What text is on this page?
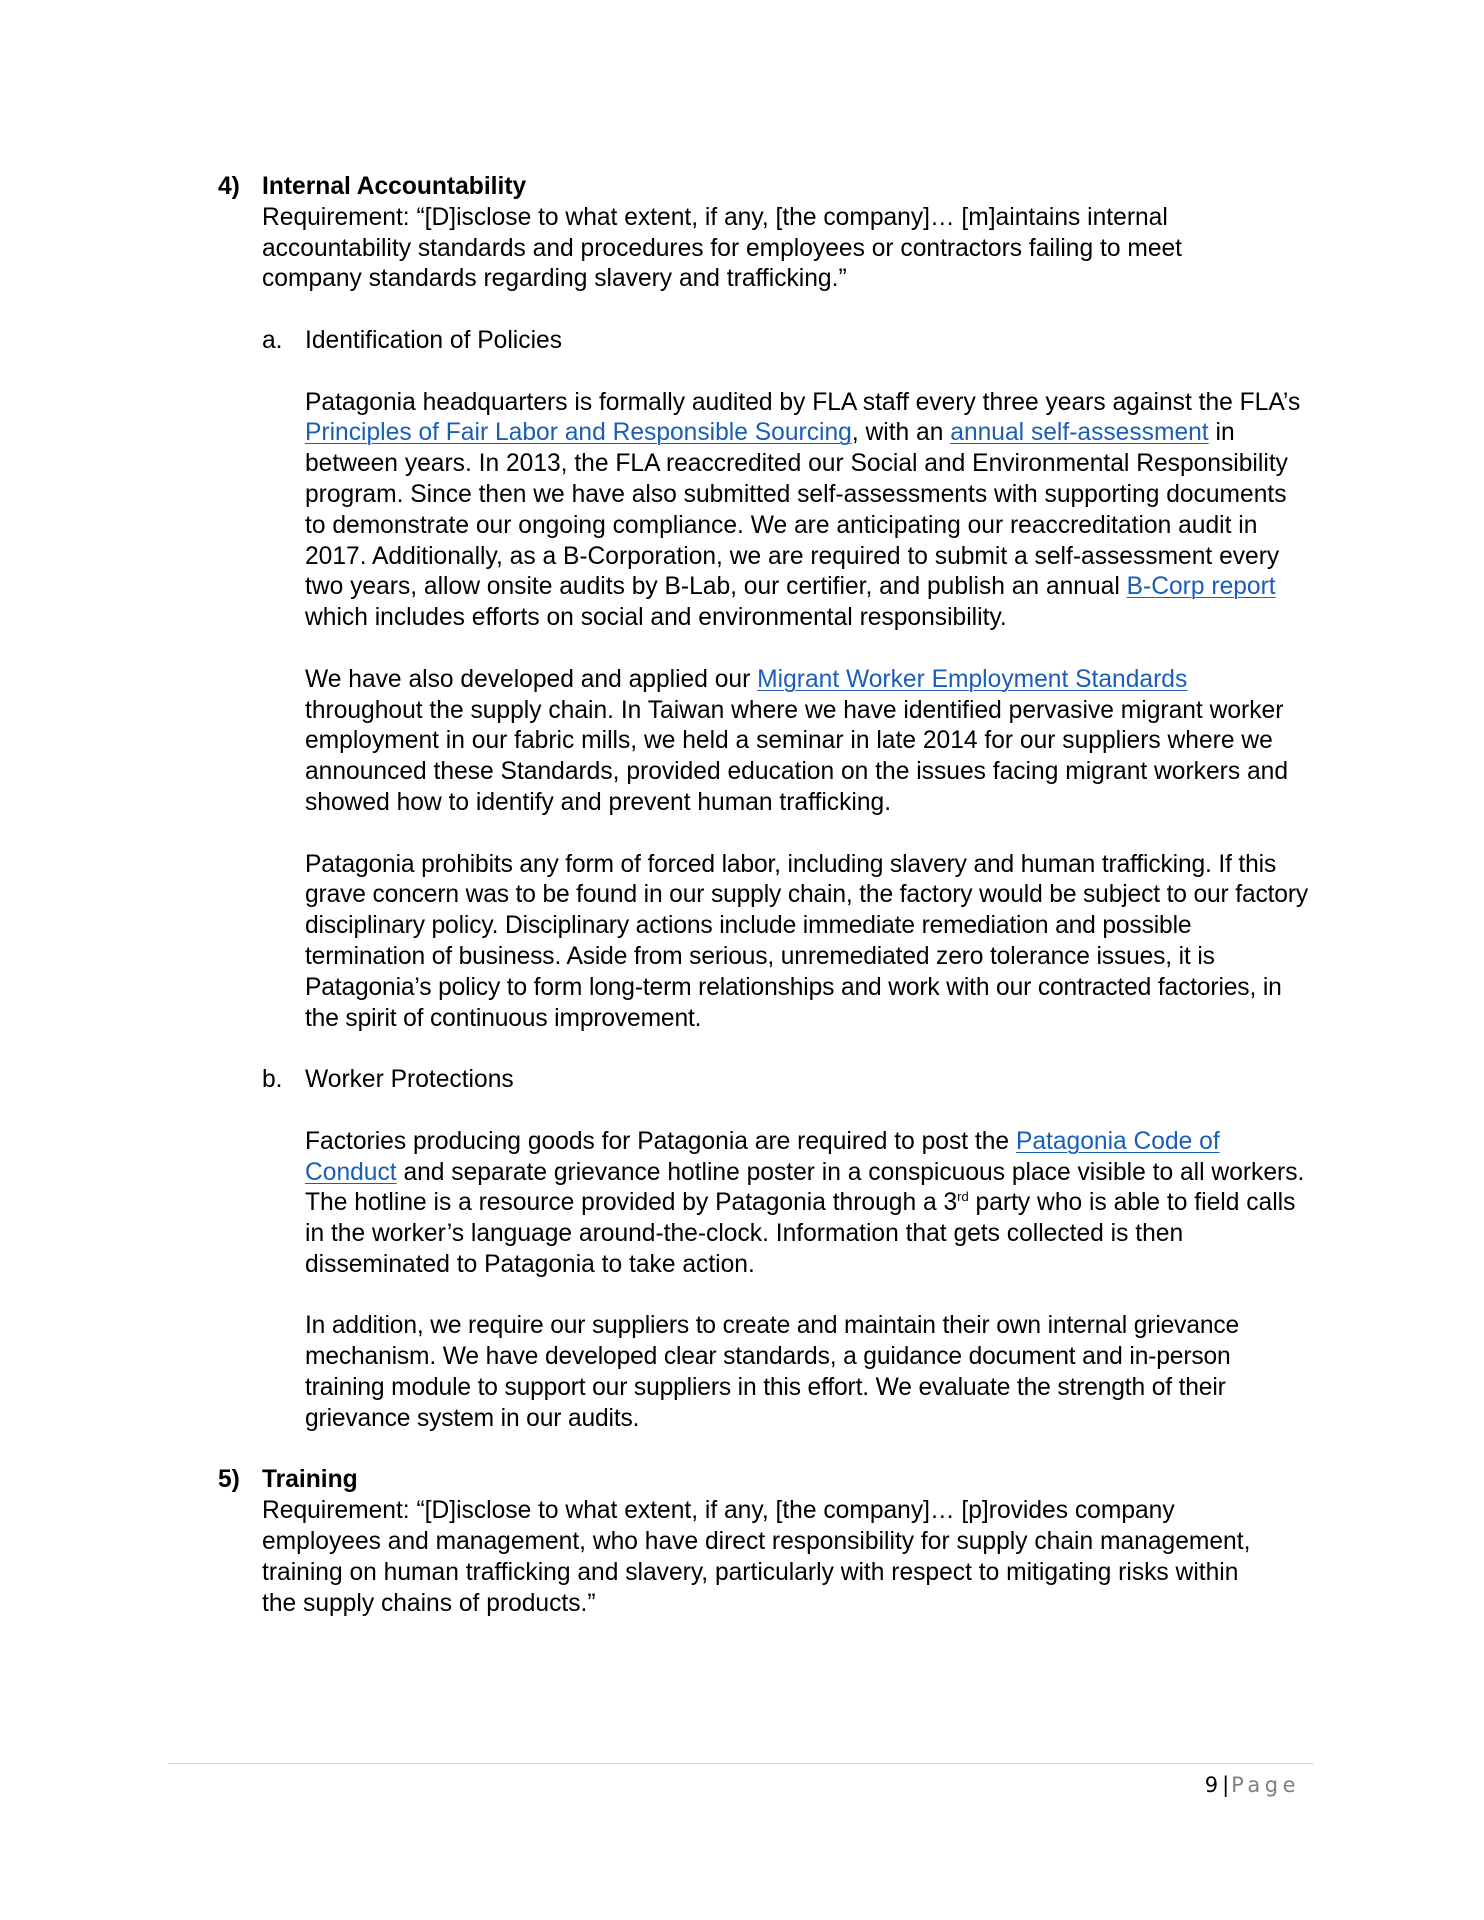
4) Internal Accountability

Requirement: “[D]isclose to what extent, if any, [the company]… [m]aintains internal accountability standards and procedures for employees or contractors failing to meet company standards regarding slavery and trafficking.”

a. Identification of Policies

Patagonia headquarters is formally audited by FLA staff every three years against the FLA’s Principles of Fair Labor and Responsible Sourcing, with an annual self-assessment in between years. In 2013, the FLA reaccredited our Social and Environmental Responsibility program. Since then we have also submitted self-assessments with supporting documents to demonstrate our ongoing compliance. We are anticipating our reaccreditation audit in 2017. Additionally, as a B-Corporation, we are required to submit a self-assessment every two years, allow onsite audits by B-Lab, our certifier, and publish an annual B-Corp report which includes efforts on social and environmental responsibility.

We have also developed and applied our Migrant Worker Employment Standards throughout the supply chain. In Taiwan where we have identified pervasive migrant worker employment in our fabric mills, we held a seminar in late 2014 for our suppliers where we announced these Standards, provided education on the issues facing migrant workers and showed how to identify and prevent human trafficking.

Patagonia prohibits any form of forced labor, including slavery and human trafficking. If this grave concern was to be found in our supply chain, the factory would be subject to our factory disciplinary policy. Disciplinary actions include immediate remediation and possible termination of business. Aside from serious, unremediated zero tolerance issues, it is Patagonia’s policy to form long-term relationships and work with our contracted factories, in the spirit of continuous improvement.

b. Worker Protections

Factories producing goods for Patagonia are required to post the Patagonia Code of Conduct and separate grievance hotline poster in a conspicuous place visible to all workers. The hotline is a resource provided by Patagonia through a 3rd party who is able to field calls in the worker’s language around-the-clock. Information that gets collected is then disseminated to Patagonia to take action.

In addition, we require our suppliers to create and maintain their own internal grievance mechanism. We have developed clear standards, a guidance document and in-person training module to support our suppliers in this effort. We evaluate the strength of their grievance system in our audits.

5) Training

Requirement: “[D]isclose to what extent, if any, [the company]… [p]rovides company employees and management, who have direct responsibility for supply chain management, training on human trafficking and slavery, particularly with respect to mitigating risks within the supply chains of products.”

9 |Page
